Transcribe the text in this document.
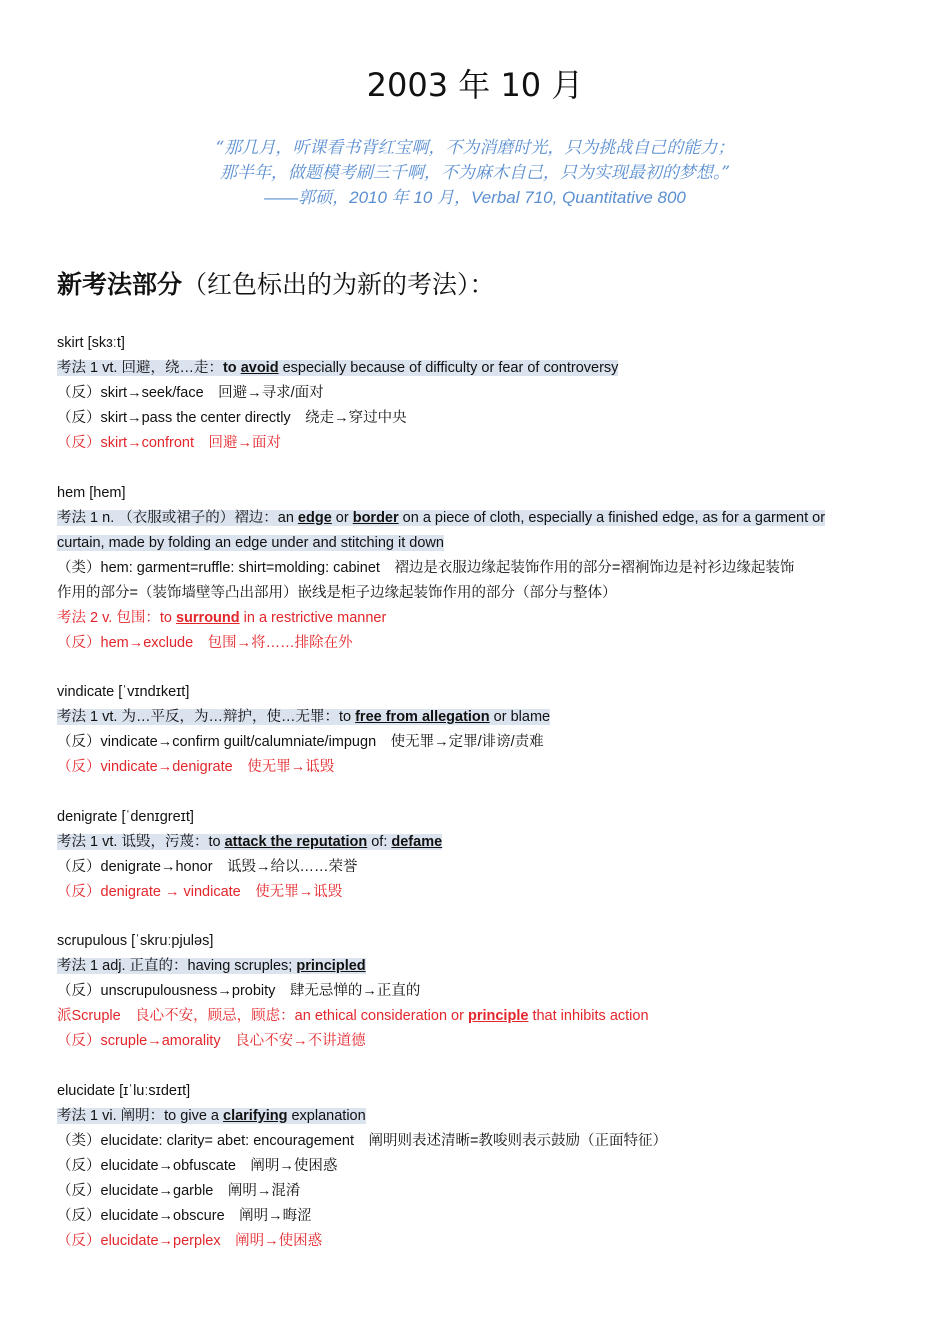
2003 年 10 月
“那几月，听课看书背红宝啊，不为消磨时光，只为挑战自己的能力；
那半年，做题模考刷三千啊，不为麻木自己，只为实现最初的梦想。”
——郭硕，2010 年 10 月，Verbal 710, Quantitative 800
新考法部分（红色标出的为新的考法）：
skirt [skɜːt]
考法 1 vt. 回避，绕…走：to avoid especially because of difficulty or fear of controversy
（反）skirt→seek/face　回避→寻求/面对
（反）skirt→pass the center directly　绕走→穿过中央
（反）skirt→confront　回避→面对
hem [hem]
考法 1 n. （衣服或裙子的）褶边：an edge or border on a piece of cloth, especially a finished edge, as for a garment or
curtain, made by folding an edge under and stitching it down
（类）hem: garment=ruffle: shirt=molding: cabinet　褶边是衣服边缘起装饰作用的部分=褶裥饰边是衬衫边缘起装饰
作用的部分=（装饰墙壁等凸出部用）嵌线是柜子边缘起装饰作用的部分（部分与整体）
考法 2 v. 包围：to surround in a restrictive manner
（反）hem→exclude　包围→将……排除在外
vindicate [ˈvɪndɪkeɪt]
考法 1 vt. 为…平反，为…辩护，使…无罪：to free from allegation or blame
（反）vindicate→confirm guilt/calumniate/impugn　使无罪→定罪/诽谤/责难
（反）vindicate→denigrate　使无罪→诋毁
denigrate [ˈdenɪgreɪt]
考法 1 vt. 诋毁，污蔑：to attack the reputation of: defame
（反）denigrate→honor　诋毁→给以……荣誉
（反）denigrate → vindicate　使无罪→诋毁
scrupulous [ˈskruːpjuləs]
考法 1 adj. 正直的：having scruples; principled
（反）unscrupulousness→probity　肆无忌惮的→正直的
派Scruple　良心不安，顾忌，顾虑：an ethical consideration or principle that inhibits action
（反）scruple→amorality　良心不安→不讲道德
elucidate [ɪˈluːsɪdeɪt]
考法 1 vi. 阐明：to give a clarifying explanation
（类）elucidate: clarity= abet: encouragement　阐明则表述清晰=教唆则表示鼓励（正面特征）
（反）elucidate→obfuscate　阐明→使困惑
（反）elucidate→garble　阐明→混淆
（反）elucidate→obscure　阐明→晦涩
（反）elucidate→perplex　阐明→使困惑
